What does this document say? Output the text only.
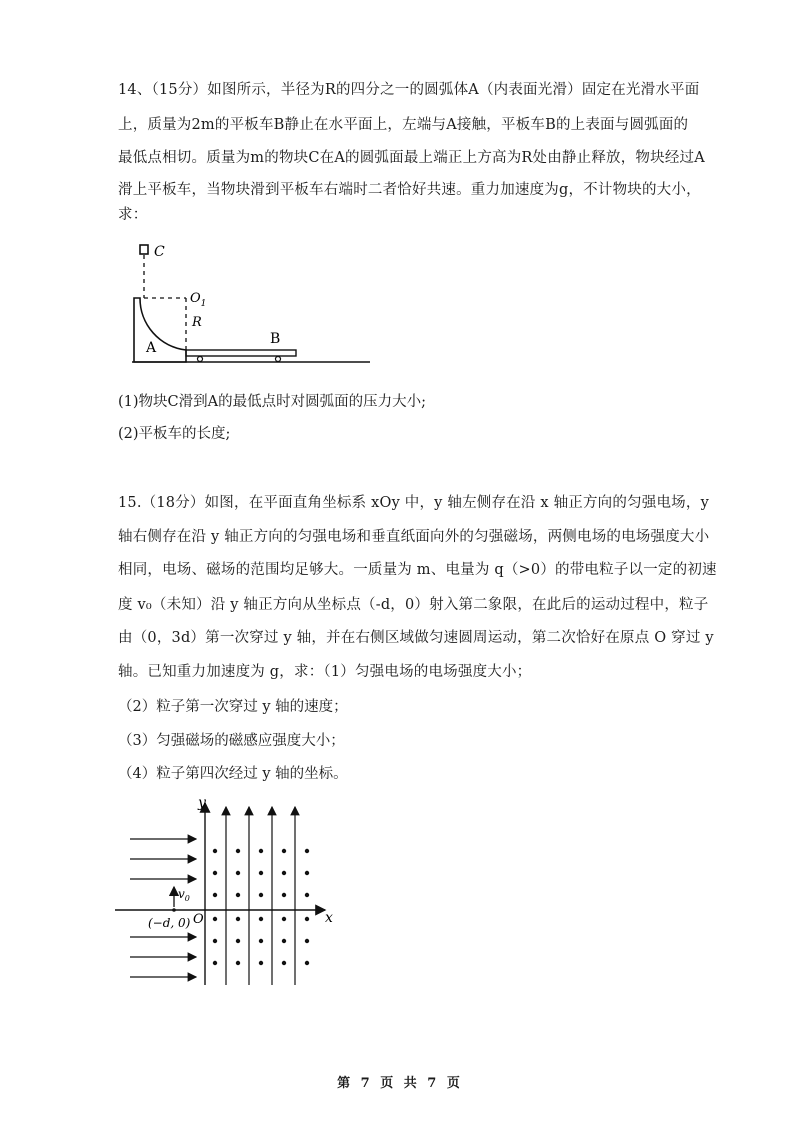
14、（15分）如图所示，半径为R的四分之一的圆弧体A（内表面光滑）固定在光滑水平面
上，质量为2m的平板车B静止在水平面上，左端与A接触，平板车B的上表面与圆弧面的
最低点相切。质量为m的物块C在A的圆弧面最上端正上方高为R处由静止释放，物块经过A
滑上平板车，当物块滑到平板车右端时二者恰好共速。重力加速度为g，不计物块的大小，
求：
C
$O_1$
R
A
B
(1)物块C滑到A的最低点时对圆弧面的压力大小;
(2)平板车的长度;
15.（18分）如图，在平面直角坐标系 xOy 中，y 轴左侧存在沿 x 轴正方向的匀强电场，y
轴右侧存在沿 y 轴正方向的匀强电场和垂直纸面向外的匀强磁场，两侧电场的电场强度大小
相同，电场、磁场的范围均足够大。一质量为 m、电量为 q（>0）的带电粒子以一定的初速
度 v₀（未知）沿 y 轴正方向从坐标点（-d，0）射入第二象限，在此后的运动过程中，粒子
由（0，3d）第一次穿过 y 轴，并在右侧区域做匀速圆周运动，第二次恰好在原点 O 穿过 y
轴。已知重力加速度为 g，求：（1）匀强电场的电场强度大小；
（2）粒子第一次穿过 y 轴的速度；
（3）匀强磁场的磁感应强度大小；
（4）粒子第四次经过 y 轴的坐标。
y
x
O
$v_0$
(−d, 0)
第 7 页 共 7 页
